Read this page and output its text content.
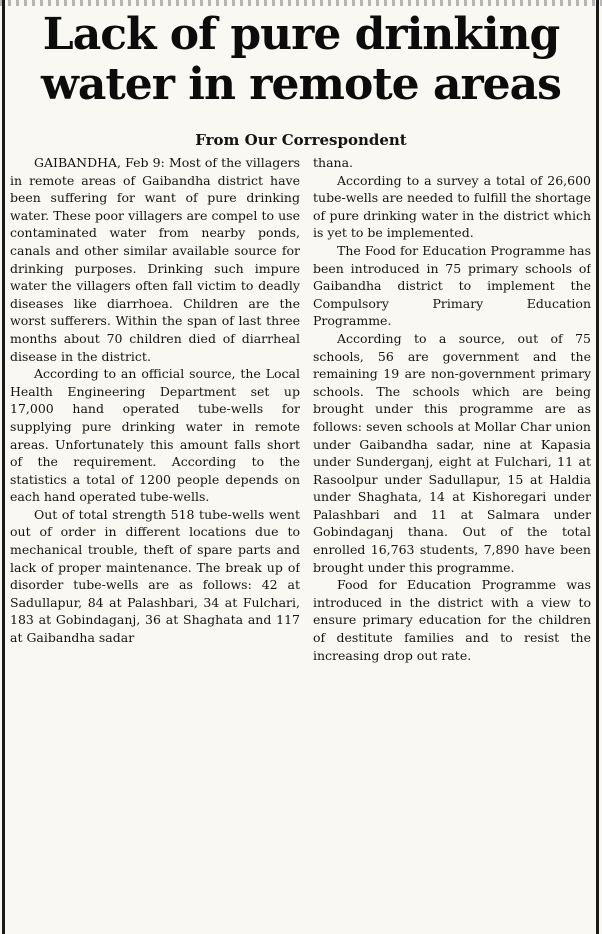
Lack of pure drinking water in remote areas
From Our Correspondent

GAIBANDHA, Feb 9: Most of the villagers in remote areas of Gaibandha district have been suffering for want of pure drinking water. These poor villagers are compel to use contaminated water from nearby ponds, canals and other similar available source for drinking purposes. Drinking such impure water the villagers often fall victim to deadly diseases like diarrhoea. Children are the worst sufferers. Within the span of last three months about 70 children died of diarrheal disease in the district.

According to an official source, the Local Health Engineering Department set up 17,000 hand operated tube-wells for supplying pure drinking water in remote areas. Unfortunately this amount falls short of the requirement. According to the statistics a total of 1200 people depends on each hand operated tube-wells.

Out of total strength 518 tube-wells went out of order in different locations due to mechanical trouble, theft of spare parts and lack of proper maintenance. The break up of disorder tube-wells are as follows: 42 at Sadullapur, 84 at Palashbari, 34 at Fulchari, 183 at Gobindaganj, 36 at Shaghata and 117 at Gaibandha sadar

thana.

According to a survey a total of 26,600 tube-wells are needed to fulfill the shortage of pure drinking water in the district which is yet to be implemented.

The Food for Education Programme has been introduced in 75 primary schools of Gaibandha district to implement the Compulsory Primary Education Programme.

According to a source, out of 75 schools, 56 are government and the remaining 19 are non-government primary schools. The schools which are being brought under this programme are as follows: seven schools at Mollar Char union under Gaibandha sadar, nine at Kapasia under Sunderganj, eight at Fulchari, 11 at Rasoolpur under Sadullapur, 15 at Haldia under Shaghata, 14 at Kishoregari under Palashbari and 11 at Salmara under Gobindaganj thana. Out of the total enrolled 16,763 students, 7,890 have been brought under this programme.

Food for Education Programme was introduced in the district with a view to ensure primary education for the children of destitute families and to resist the increasing drop out rate.
